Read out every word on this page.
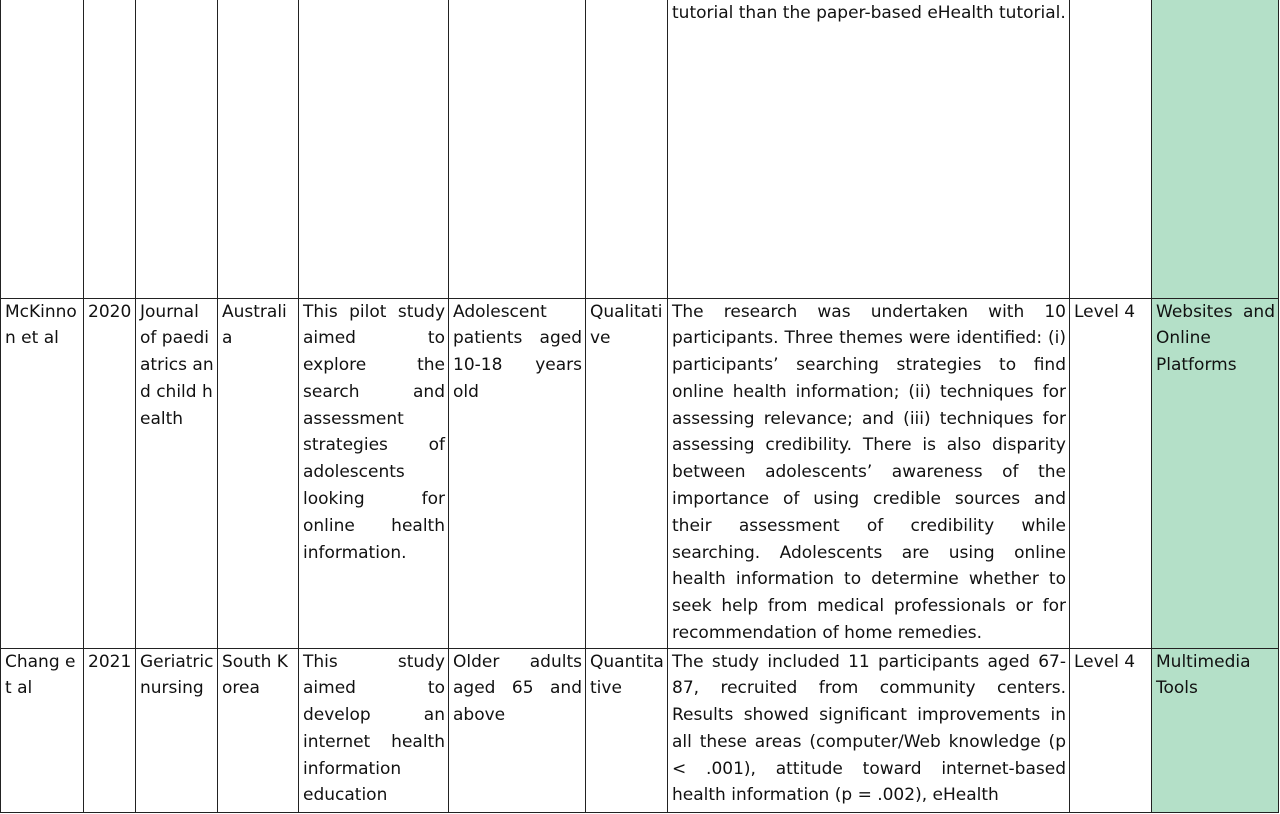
							tutorial than the paper-based eHealth tutorial.		

McKinnon et al	2020	Journal of paediatrics and child health	Australia	This pilot study aimed to explore the search and assessment strategies of adolescents looking for online health information.	Adolescent patients aged 10-18 years old	Qualitative	The research was undertaken with 10 participants. Three themes were identified: (i) participants’ searching strategies to find online health information; (ii) techniques for assessing relevance; and (iii) techniques for assessing credibility. There is also disparity between adolescents’ awareness of the importance of using credible sources and their assessment of credibility while searching. Adolescents are using online health information to determine whether to seek help from medical professionals or for recommendation of home remedies.	Level 4	Websites and Online Platforms

Chang et al	2021	Geriatric nursing	South Korea	This study aimed to develop an internet health information education	Older adults aged 65 and above	Quantitative	The study included 11 participants aged 67-87, recruited from community centers. Results showed significant improvements in all these areas (computer/Web knowledge (p < .001), attitude toward internet-based health information (p = .002), eHealth	Level 4	Multimedia Tools
